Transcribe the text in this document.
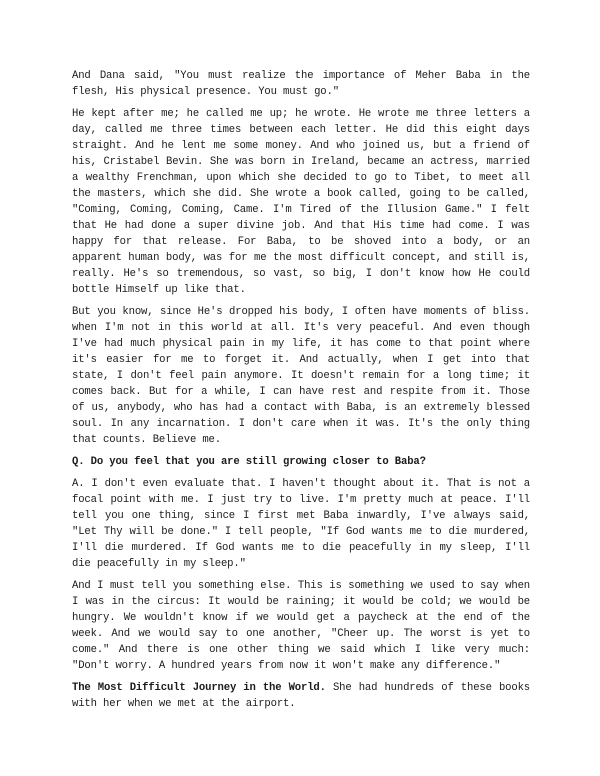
And Dana said, "You must realize the importance of Meher Baba in the flesh, His physical presence. You must go."

He kept after me; he called me up; he wrote. He wrote me three letters a day, called me three times between each letter. He did this eight days straight. And he lent me some money. And who joined us, but a friend of his, Cristabel Bevin. She was born in Ireland, became an actress, married a wealthy Frenchman, upon which she decided to go to Tibet, to meet all the masters, which she did. She wrote a book called, going to be called, "Coming, Coming, Coming, Came. I'm Tired of the Illusion Game." I felt that He had done a super divine job. And that His time had come. I was happy for that release. For Baba, to be shoved into a body, or an apparent human body, was for me the most difficult concept, and still is, really. He's so tremendous, so vast, so big, I don't know how He could bottle Himself up like that.

But you know, since He's dropped his body, I often have moments of bliss. when I'm not in this world at all. It's very peaceful. And even though I've had much physical pain in my life, it has come to that point where it's easier for me to forget it. And actually, when I get into that state, I don't feel pain anymore. It doesn't remain for a long time; it comes back. But for a while, I can have rest and respite from it. Those of us, anybody, who has had a contact with Baba, is an extremely blessed soul. In any incarnation. I don't care when it was. It's the only thing that counts. Believe me.

Q. Do you feel that you are still growing closer to Baba?

A. I don't even evaluate that. I haven't thought about it. That is not a focal point with me. I just try to live. I'm pretty much at peace. I'll tell you one thing, since I first met Baba inwardly, I've always said, "Let Thy will be done." I tell people, "If God wants me to die murdered, I'll die murdered. If God wants me to die peacefully in my sleep, I'll die peacefully in my sleep."

And I must tell you something else. This is something we used to say when I was in the circus: It would be raining; it would be cold; we would be hungry. We wouldn't know if we would get a paycheck at the end of the week. And we would say to one another, "Cheer up. The worst is yet to come." And there is one other thing we said which I like very much: "Don't worry. A hundred years from now it won't make any difference."

The Most Difficult Journey in the World. She had hundreds of these books with her when we met at the airport.
